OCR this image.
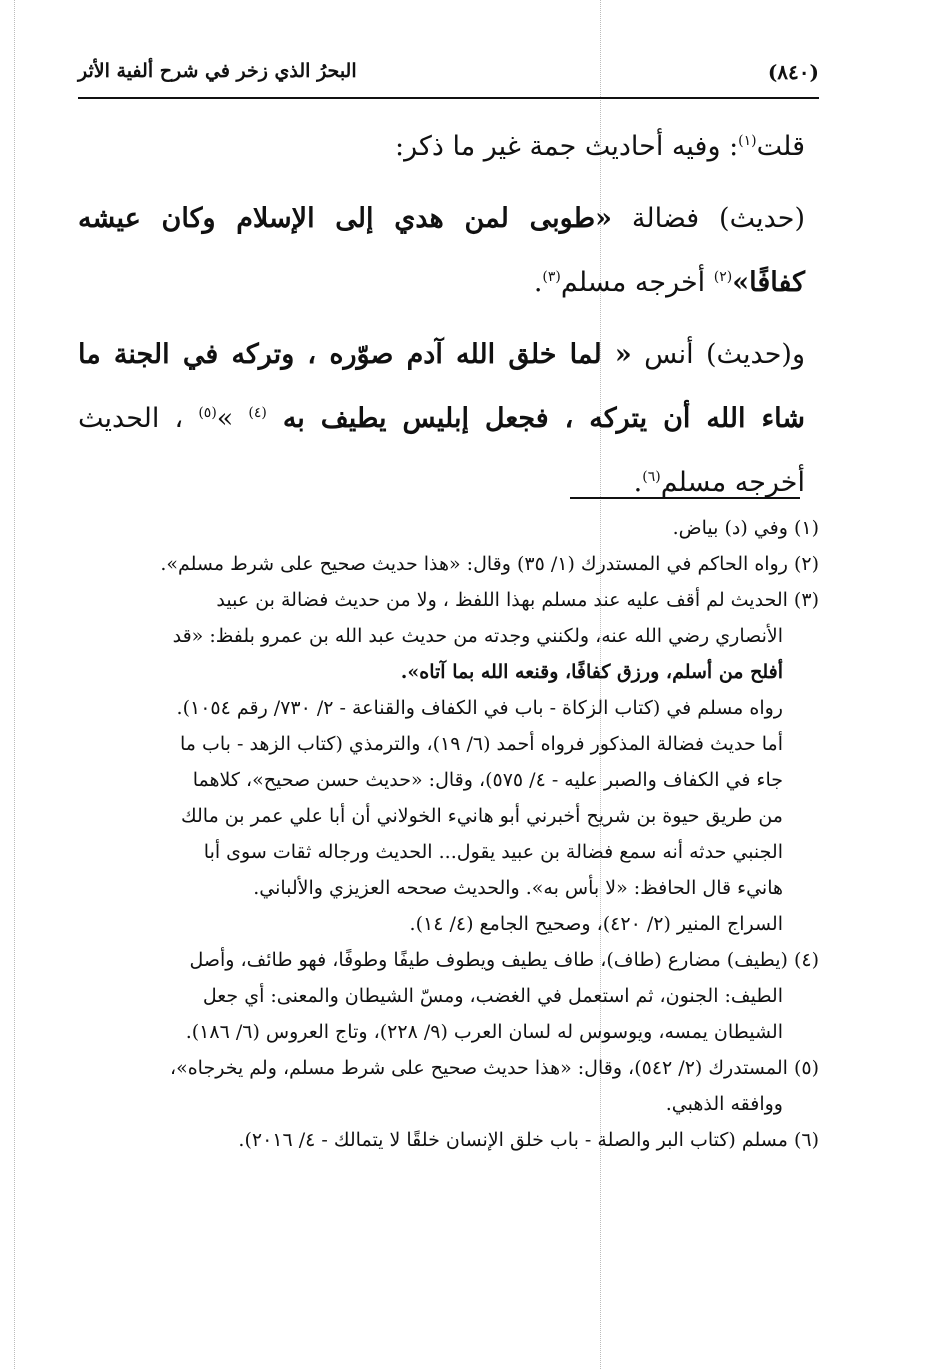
البحرُ الذي زخر في شرح ألفية الأثر	(٨٤٠)

قلت$^{(١)}$: وفيه أحاديث جمة غير ما ذكر:

(حديث) فضالة «طوبى لمن هدي إلى الإسلام وكان عيشه كفافًا»$^{(٢)}$ أخرجه مسلم$^{(٣)}$.

و(حديث) أنس « لما خلق الله آدم صوّره ، وتركه في الجنة ما شاء الله أن يتركه ، فجعل إبليس يطيف به $^{(٤)}$ »$^{(٥)}$ ، الحديث أخرجه مسلم$^{(٦)}$.

(١) وفي (د) بياض.

(٢) رواه الحاكم في المستدرك (١/ ٣٥) وقال: «هذا حديث صحيح على شرط مسلم».

(٣) الحديث لم أقف عليه عند مسلم بهذا اللفظ ، ولا من حديث فضالة بن عبيد

الأنصاري رضي الله عنه، ولكنني وجدته من حديث عبد الله بن عمرو بلفظ: «قد

أفلح من أسلم، ورزق كفافًا، وقنعه الله بما آتاه».

رواه مسلم في (كتاب الزكاة - باب في الكفاف والقناعة - ٢/ ٧٣٠/ رقم ١٠٥٤).

أما حديث فضالة المذكور فرواه أحمد (٦/ ١٩)، والترمذي (كتاب الزهد - باب ما

جاء في الكفاف والصبر عليه - ٤/ ٥٧٥)، وقال: «حديث حسن صحيح»، كلاهما

من طريق حيوة بن شريح أخبرني أبو هانيء الخولاني أن أبا علي عمر بن مالك

الجنبي حدثه أنه سمع فضالة بن عبيد يقول... الحديث ورجاله ثقات سوى أبا

هانيء قال الحافظ: «لا بأس به». والحديث صححه العزيزي والألباني.

السراج المنير (٢/ ٤٢٠)، وصحيح الجامع (٤/ ١٤).

(٤) (يطيف) مضارع (طاف)، طاف يطيف ويطوف طيفًا وطوفًا، فهو طائف، وأصل

الطيف: الجنون، ثم استعمل في الغضب، ومسّ الشيطان والمعنى: أي جعل

الشيطان يمسه، ويوسوس له لسان العرب (٩/ ٢٢٨)، وتاج العروس (٦/ ١٨٦).

(٥) المستدرك (٢/ ٥٤٢)، وقال: «هذا حديث صحيح على شرط مسلم، ولم يخرجاه»،

ووافقه الذهبي.

(٦) مسلم (كتاب البر والصلة - باب خلق الإنسان خلقًا لا يتمالك - ٤/ ٢٠١٦).
